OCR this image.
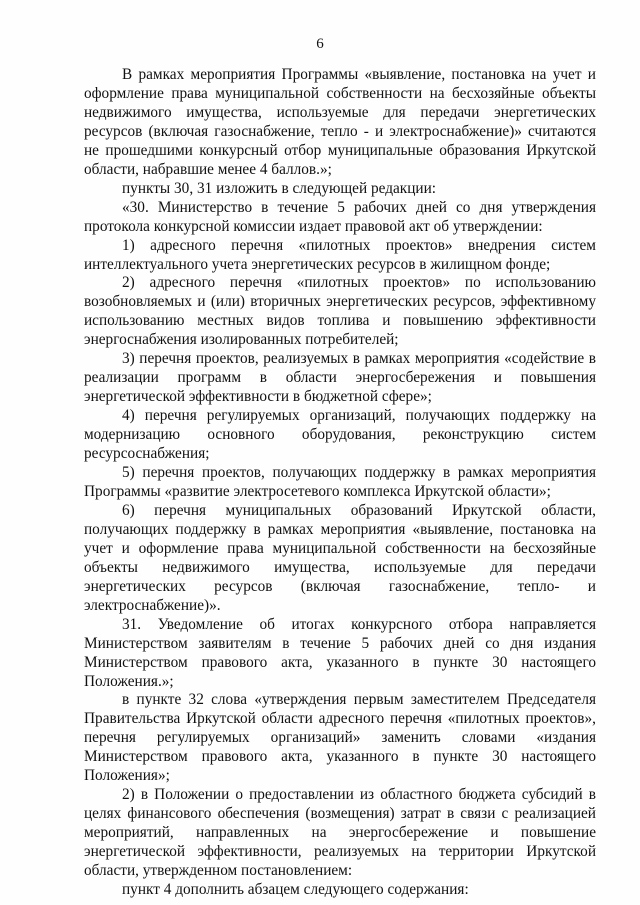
6

В рамках мероприятия Программы «выявление, постановка на учет и оформление права муниципальной собственности на бесхозяйные объекты недвижимого имущества, используемые для передачи энергетических ресурсов (включая газоснабжение, тепло - и электроснабжение)» считаются не прошедшими конкурсный отбор муниципальные образования Иркутской области, набравшие менее 4 баллов.»;

пункты 30, 31 изложить в следующей редакции:

«30. Министерство в течение 5 рабочих дней со дня утверждения протокола конкурсной комиссии издает правовой акт об утверждении:

1) адресного перечня «пилотных проектов» внедрения систем интеллектуального учета энергетических ресурсов в жилищном фонде;

2) адресного перечня «пилотных проектов» по использованию возобновляемых и (или) вторичных энергетических ресурсов, эффективному использованию местных видов топлива и повышению эффективности энергоснабжения изолированных потребителей;

3) перечня проектов, реализуемых в рамках мероприятия «содействие в реализации программ в области энергосбережения и повышения энергетической эффективности в бюджетной сфере»;

4) перечня регулируемых организаций, получающих поддержку на модернизацию основного оборудования, реконструкцию систем ресурсоснабжения;

5) перечня проектов, получающих поддержку в рамках мероприятия Программы «развитие электросетевого комплекса Иркутской области»;

6) перечня муниципальных образований Иркутской области, получающих поддержку в рамках мероприятия «выявление, постановка на учет и оформление права муниципальной собственности на бесхозяйные объекты недвижимого имущества, используемые для передачи энергетических ресурсов (включая газоснабжение, тепло- и электроснабжение)».

31. Уведомление об итогах конкурсного отбора направляется Министерством заявителям в течение 5 рабочих дней со дня издания Министерством правового акта, указанного в пункте 30 настоящего Положения.»;

в пункте 32 слова «утверждения первым заместителем Председателя Правительства Иркутской области адресного перечня «пилотных проектов», перечня регулируемых организаций» заменить словами «издания Министерством правового акта, указанного в пункте 30 настоящего Положения»;

2) в Положении о предоставлении из областного бюджета субсидий в целях финансового обеспечения (возмещения) затрат в связи с реализацией мероприятий, направленных на энергосбережение и повышение энергетической эффективности, реализуемых на территории Иркутской области, утвержденном постановлением:

пункт 4 дополнить абзацем следующего содержания:
